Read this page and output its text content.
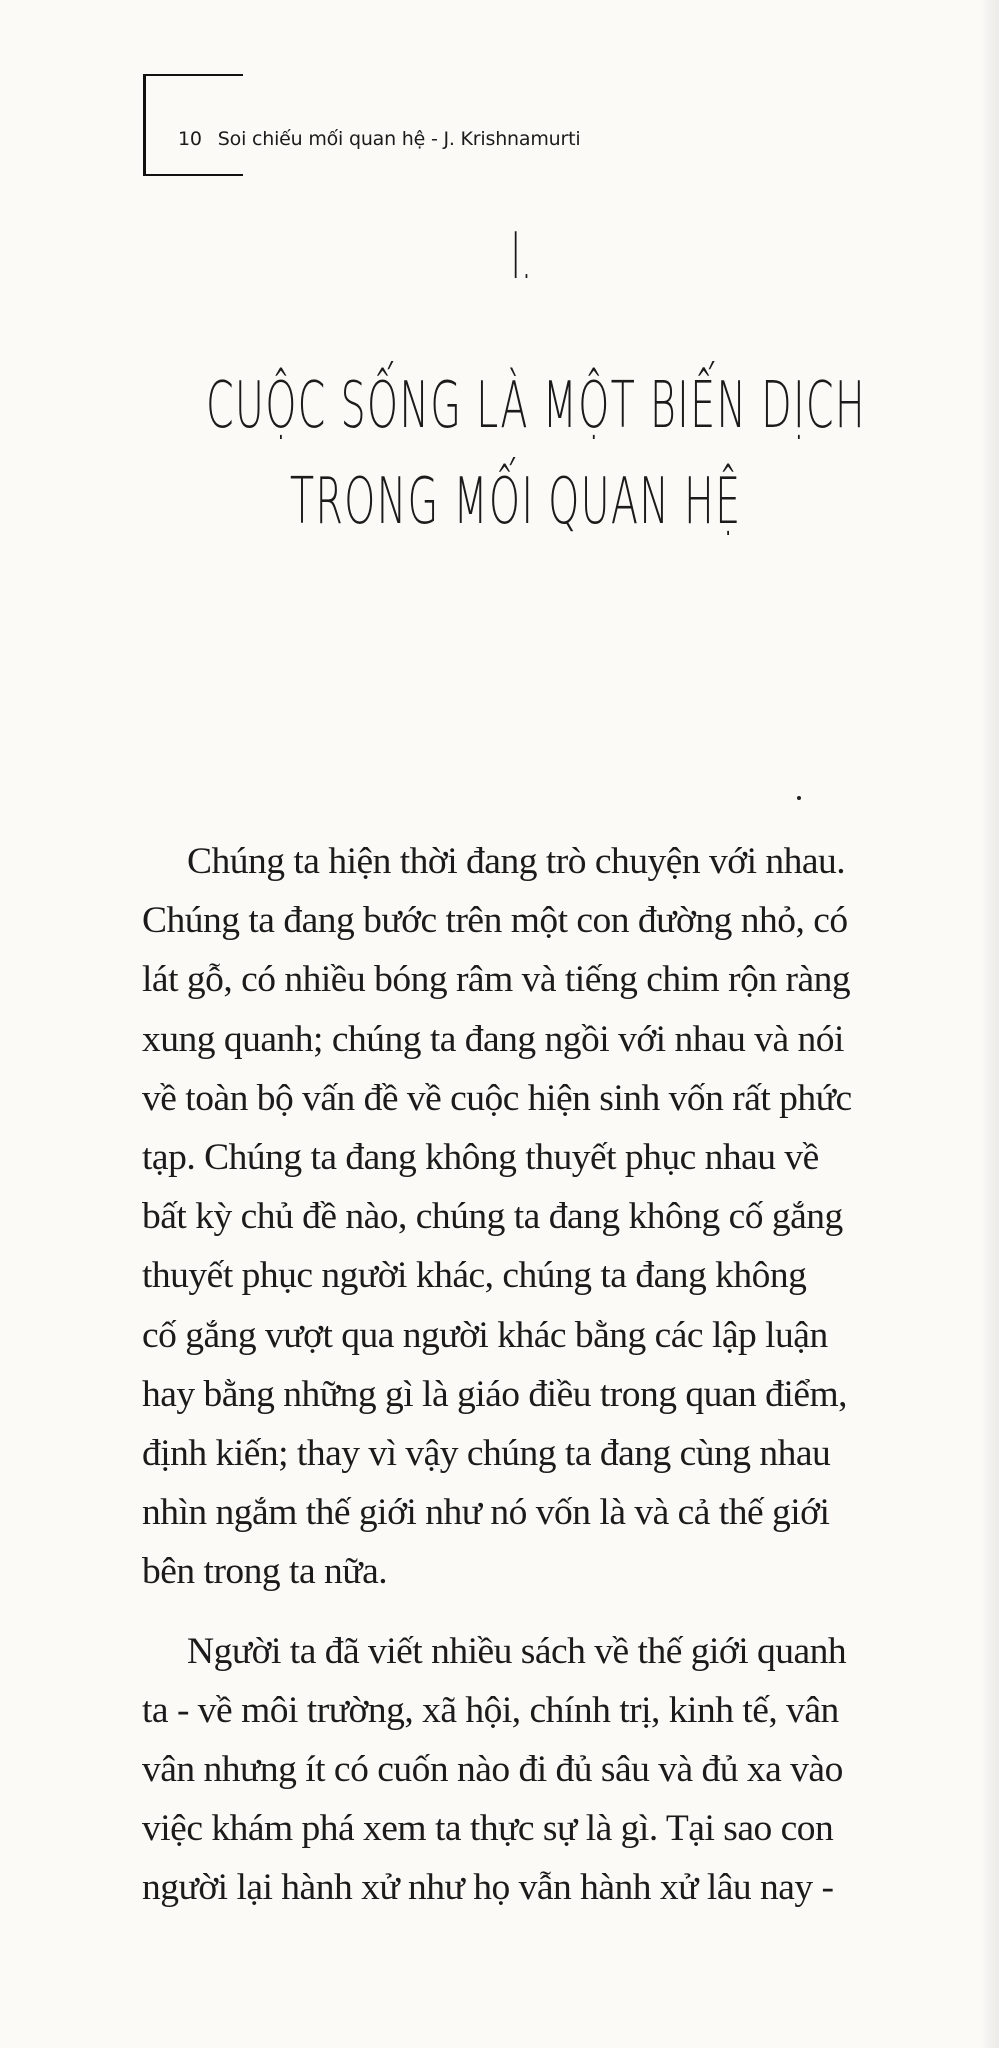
10 Soi chiếu mối quan hệ - J. Krishnamurti
I.
CUỘC SỐNG LÀ MỘT BIẾN DỊCH
TRONG MỐI QUAN HỆ

Chúng ta hiện thời đang trò chuyện với nhau.
Chúng ta đang bước trên một con đường nhỏ, có
lát gỗ, có nhiều bóng râm và tiếng chim rộn ràng
xung quanh; chúng ta đang ngồi với nhau và nói
về toàn bộ vấn đề về cuộc hiện sinh vốn rất phức
tạp. Chúng ta đang không thuyết phục nhau về
bất kỳ chủ đề nào, chúng ta đang không cố gắng
thuyết phục người khác, chúng ta đang không
cố gắng vượt qua người khác bằng các lập luận
hay bằng những gì là giáo điều trong quan điểm,
định kiến; thay vì vậy chúng ta đang cùng nhau
nhìn ngắm thế giới như nó vốn là và cả thế giới
bên trong ta nữa.

Người ta đã viết nhiều sách về thế giới quanh
ta - về môi trường, xã hội, chính trị, kinh tế, vân
vân nhưng ít có cuốn nào đi đủ sâu và đủ xa vào
việc khám phá xem ta thực sự là gì. Tại sao con
người lại hành xử như họ vẫn hành xử lâu nay -
